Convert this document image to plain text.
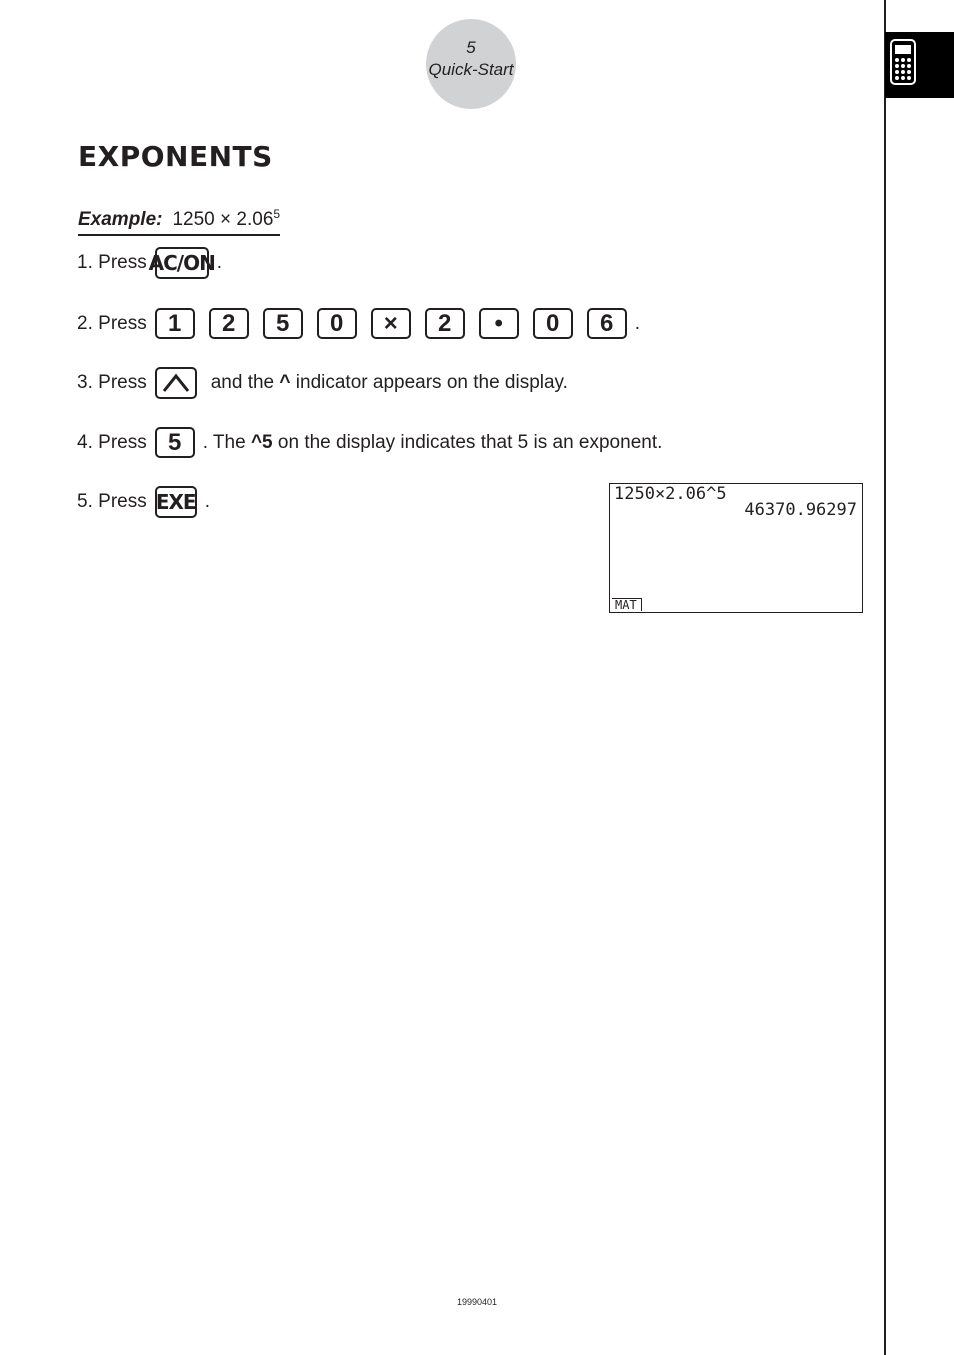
5
Quick-Start
EXPONENTS
Example: $1250 \times 2.06^5$
1.
Press AC/ON .
2.
Press 1	2	5	0	×	2	•	0	6	.
3.
Press	and the ^ indicator appears on the display.
4.
Press 5	. The ^5 on the display indicates that 5 is an exponent.
5.
Press EXE .	1250×2.06^5
46370.96297
MAT
19990401
